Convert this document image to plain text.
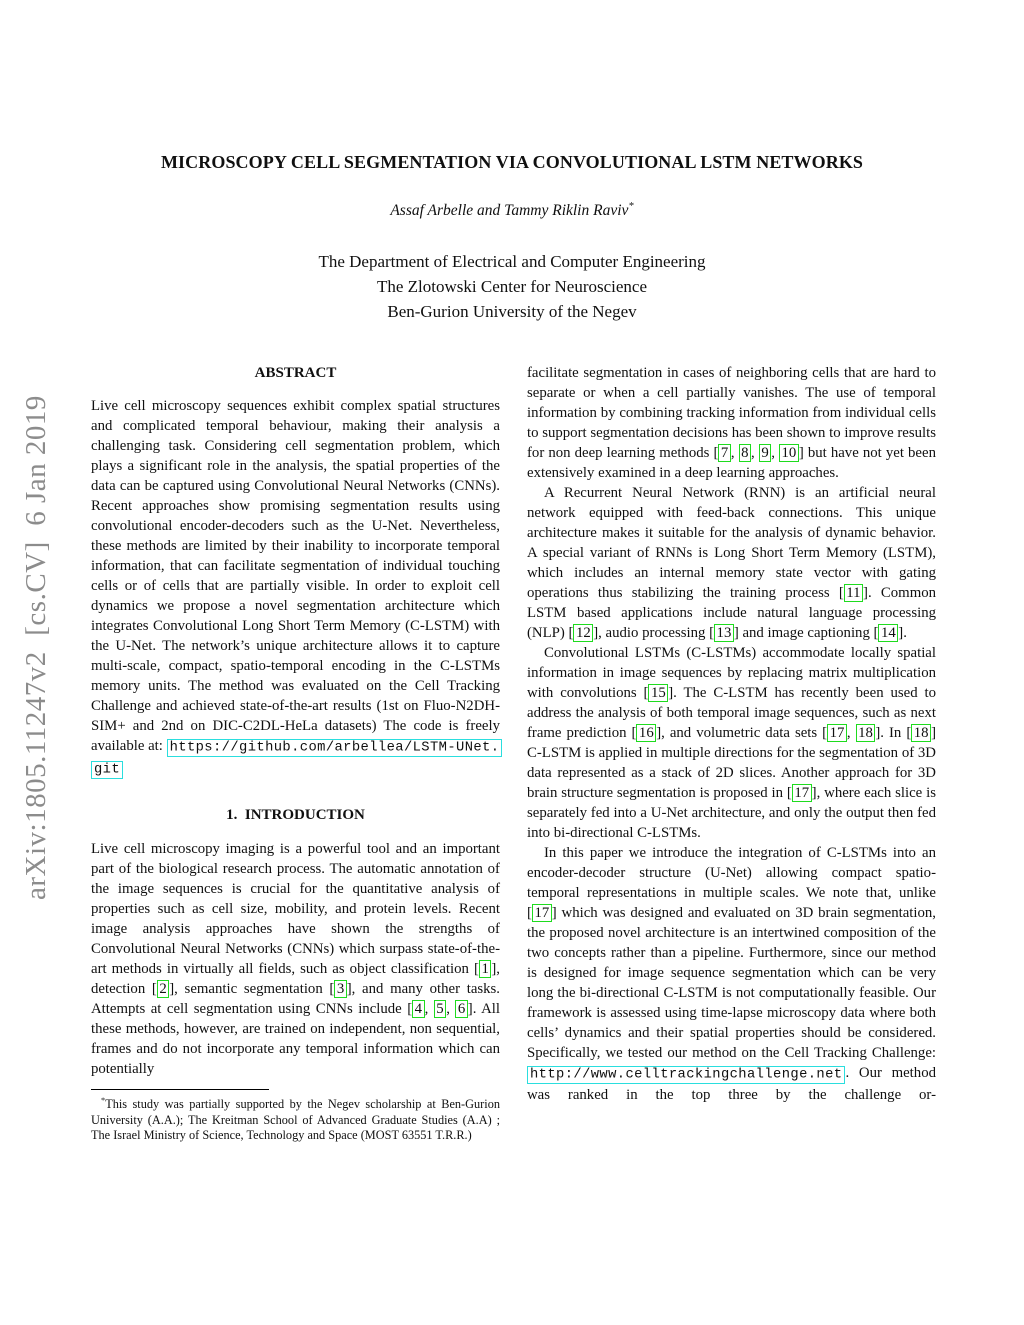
arXiv:1805.11247v2  [cs.CV]  6 Jan 2019
MICROSCOPY CELL SEGMENTATION VIA CONVOLUTIONAL LSTM NETWORKS
Assaf Arbelle and Tammy Riklin Raviv*
The Department of Electrical and Computer Engineering
The Zlotowski Center for Neuroscience
Ben-Gurion University of the Negev
ABSTRACT

Live cell microscopy sequences exhibit complex spatial structures and complicated temporal behaviour, making their analysis a challenging task. Considering cell segmentation problem, which plays a significant role in the analysis, the spatial properties of the data can be captured using Convolutional Neural Networks (CNNs). Recent approaches show promising segmentation results using convolutional encoder-decoders such as the U-Net. Nevertheless, these methods are limited by their inability to incorporate temporal information, that can facilitate segmentation of individual touching cells or of cells that are partially visible. In order to exploit cell dynamics we propose a novel segmentation architecture which integrates Convolutional Long Short Term Memory (C-LSTM) with the U-Net. The network’s unique architecture allows it to capture multi-scale, compact, spatio-temporal encoding in the C-LSTMs memory units. The method was evaluated on the Cell Tracking Challenge and achieved state-of-the-art results (1st on Fluo-N2DH-SIM+ and 2nd on DIC-C2DL-HeLa datasets) The code is freely available at: https://github.com/arbellea/LSTM-UNet.git

1.  INTRODUCTION

Live cell microscopy imaging is a powerful tool and an important part of the biological research process. The automatic annotation of the image sequences is crucial for the quantitative analysis of properties such as cell size, mobility, and protein levels. Recent image analysis approaches have shown the strengths of Convolutional Neural Networks (CNNs) which surpass state-of-the-art methods in virtually all fields, such as object classification [ 1 ], detection [ 2 ], semantic segmentation [ 3 ], and many other tasks. Attempts at cell segmentation using CNNs include [ 4 , 5 , 6 ]. All these methods, however, are trained on independent, non sequential, frames and do not incorporate any temporal information which can potentially

*This study was partially supported by the Negev scholarship at Ben-Gurion University (A.A.); The Kreitman School of Advanced Graduate Studies (A.A) ; The Israel Ministry of Science, Technology and Space (MOST 63551 T.R.R.)

facilitate segmentation in cases of neighboring cells that are hard to separate or when a cell partially vanishes. The use of temporal information by combining tracking information from individual cells to support segmentation decisions has been shown to improve results for non deep learning methods [ 7 , 8 , 9 , 10 ] but have not yet been extensively examined in a deep learning approaches.

A Recurrent Neural Network (RNN) is an artificial neural network equipped with feed-back connections. This unique architecture makes it suitable for the analysis of dynamic behavior. A special variant of RNNs is Long Short Term Memory (LSTM), which includes an internal memory state vector with gating operations thus stabilizing the training process [ 11 ]. Common LSTM based applications include natural language processing (NLP) [ 12 ], audio processing [ 13 ] and image captioning [ 14 ].

Convolutional LSTMs (C-LSTMs) accommodate locally spatial information in image sequences by replacing matrix multiplication with convolutions [ 15 ]. The C-LSTM has recently been used to address the analysis of both temporal image sequences, such as next frame prediction [ 16 ], and volumetric data sets [ 17 , 18 ]. In [ 18 ] C-LSTM is applied in multiple directions for the segmentation of 3D data represented as a stack of 2D slices. Another approach for 3D brain structure segmentation is proposed in [ 17 ], where each slice is separately fed into a U-Net architecture, and only the output then fed into bi-directional C-LSTMs.

In this paper we introduce the integration of C-LSTMs into an encoder-decoder structure (U-Net) allowing compact spatio-temporal representations in multiple scales. We note that, unlike [ 17 ] which was designed and evaluated on 3D brain segmentation, the proposed novel architecture is an intertwined composition of the two concepts rather than a pipeline. Furthermore, since our method is designed for image sequence segmentation which can be very long the bi-directional C-LSTM is not computationally feasible. Our framework is assessed using time-lapse microscopy data where both cells’ dynamics and their spatial properties should be considered. Specifically, we tested our method on the Cell Tracking Challenge: http://www.celltrackingchallenge.net . Our method was ranked in the top three by the challenge or-
